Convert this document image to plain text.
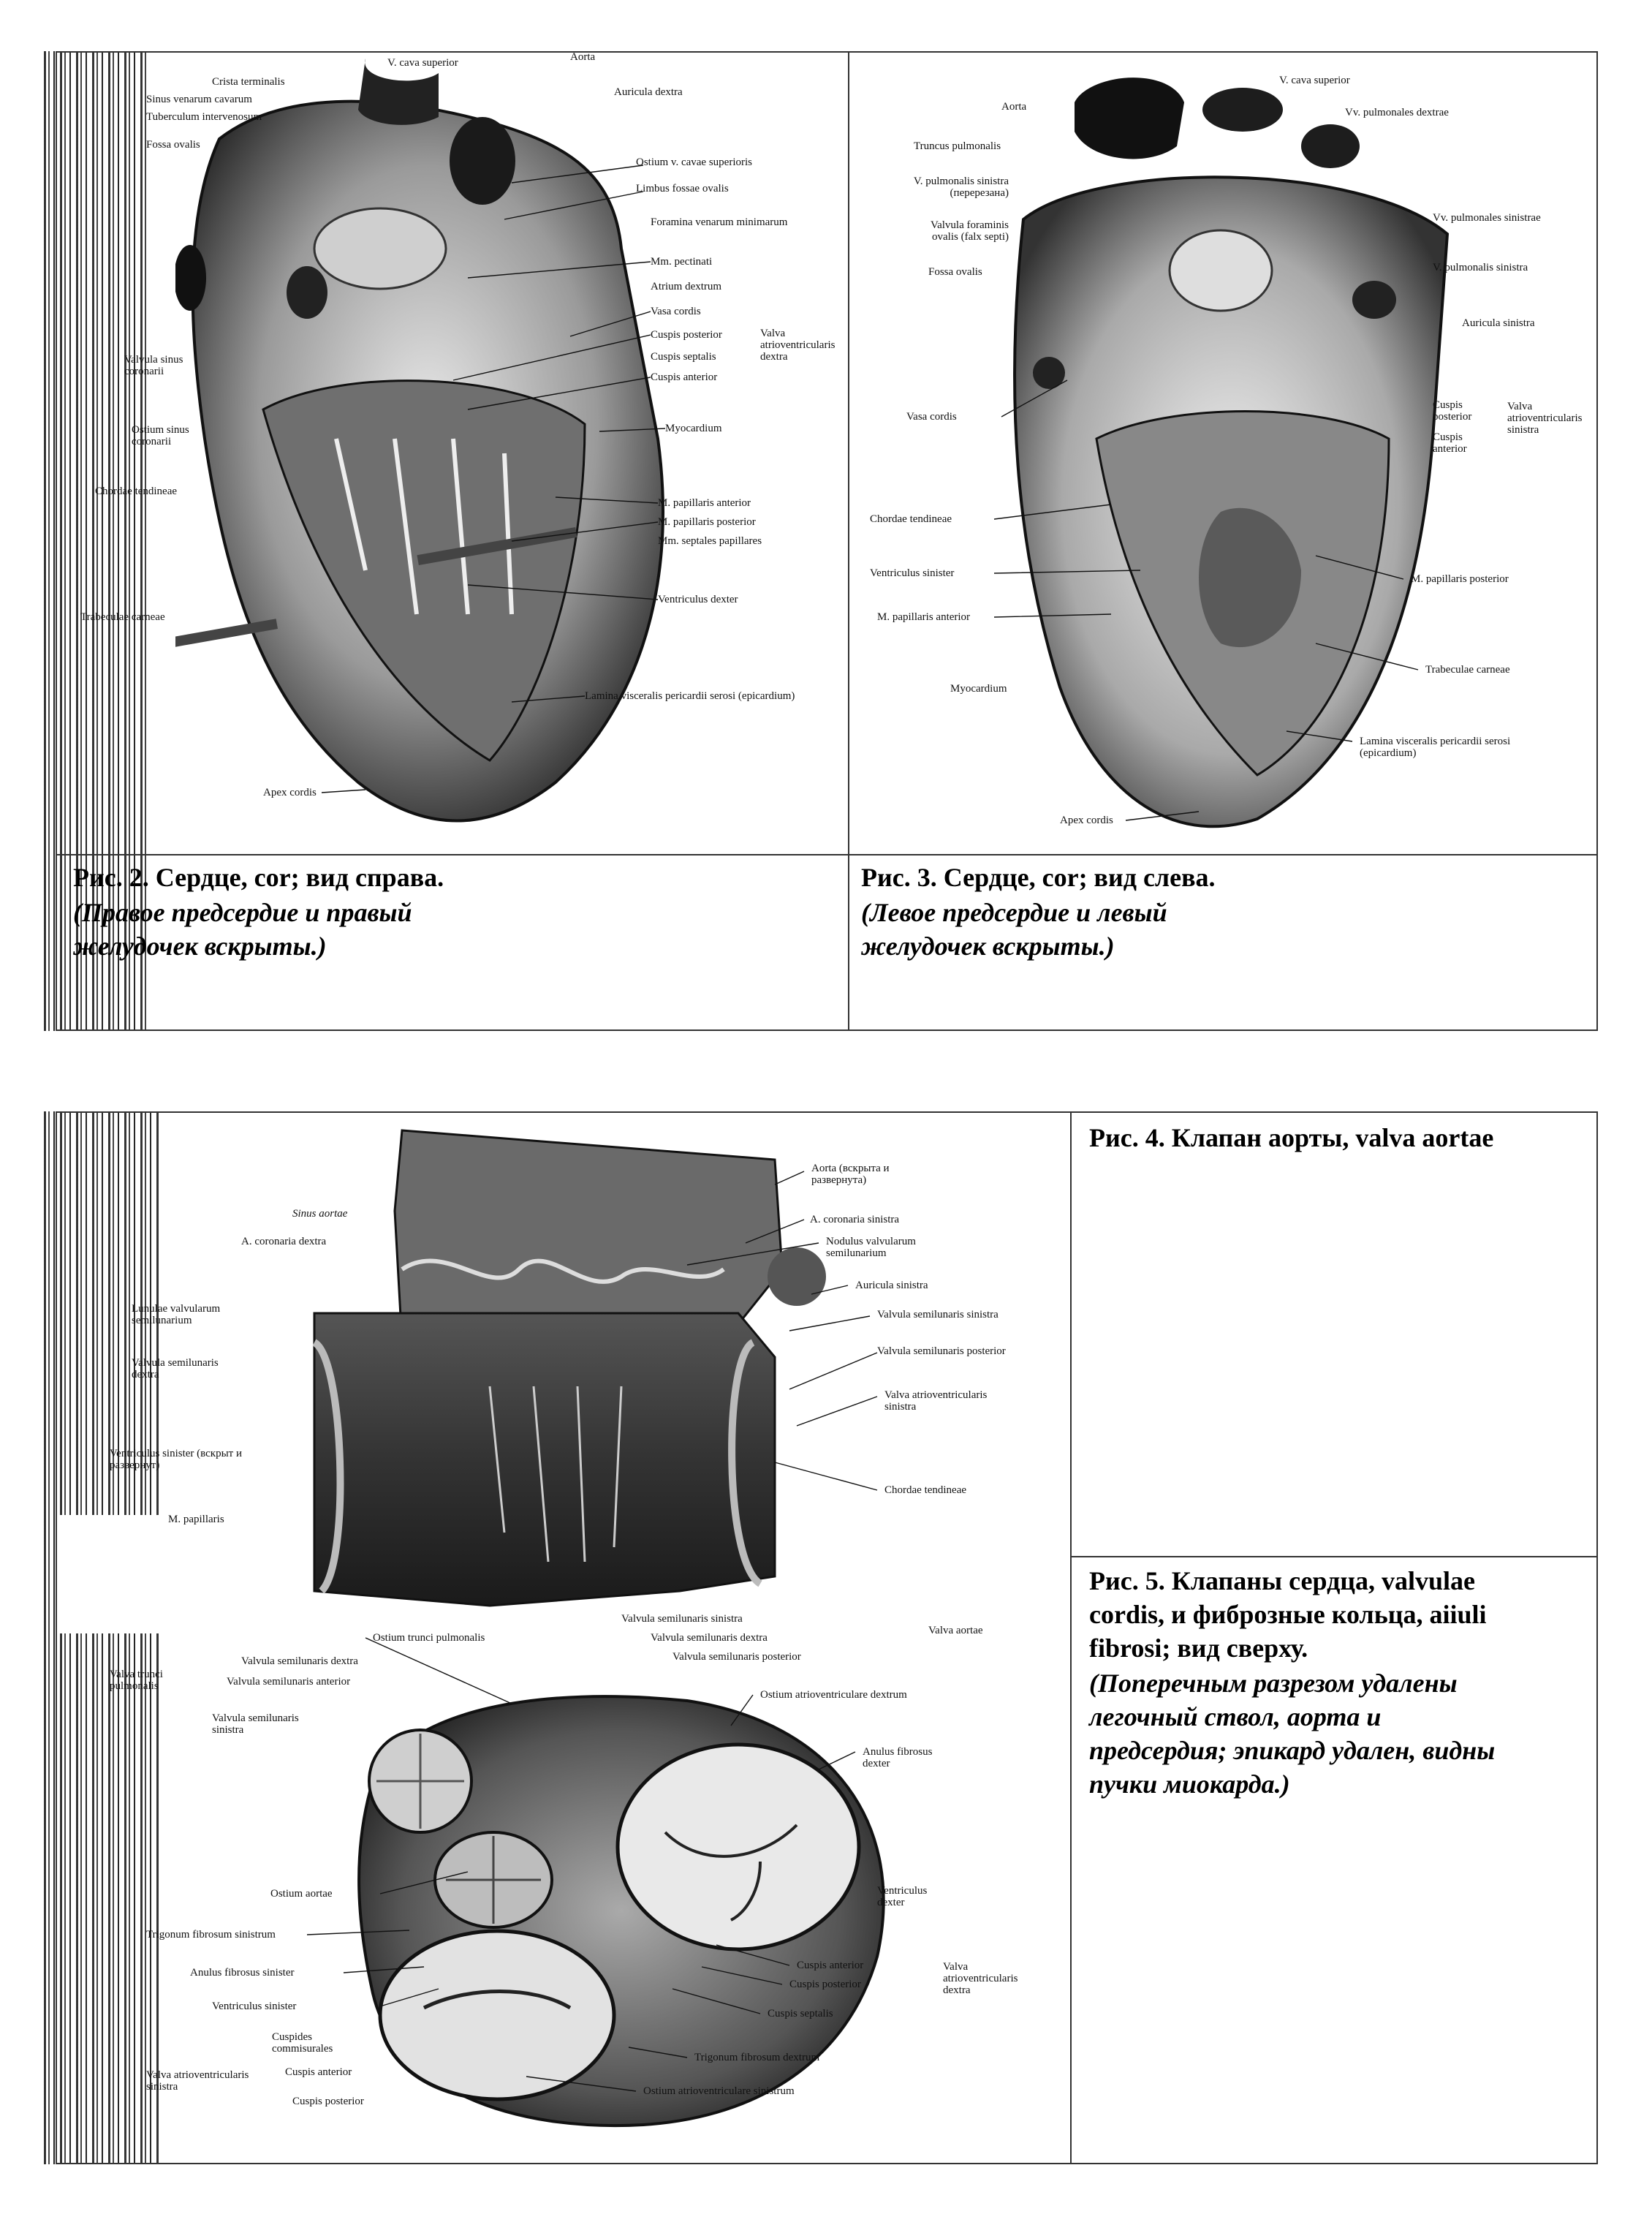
V. cava superior	Aorta
Crista terminalis
Sinus venarum cavarum
Tuberculum intervenosum
Fossa ovalis
Auricula dextra
Ostium v. cavae superioris
Limbus fossae ovalis
Foramina venarum minimarum
Mm. pectinati
Atrium dextrum
Vasa cordis
Valvula sinus coronarii
Cuspis posterior
Cuspis septalis
Cuspis anterior
Valva atrioventricularis dextra
Ostium sinus coronarii
Myocardium
Chordae tendineae
M. papillaris anterior
M. papillaris posterior
Mm. septales papillares
Ventriculus dexter
Trabeculae carneae
Lamina visceralis pericardii serosi (epicardium)
Apex cordis
V. cava superior
Aorta	Vv. pulmonales dextrae
Truncus pulmonalis
V. pulmonalis sinistra (перерезана)
Valvula foraminis ovalis (falx septi)
Fossa ovalis
Vv. pulmonales sinistrae
V. pulmonalis sinistra
Auricula sinistra
Vasa cordis
Cuspis posterior
Cuspis anterior
Valva atrioventricularis sinistra
Chordae tendineae
Ventriculus sinister	M. papillaris posterior
M. papillaris anterior
Trabeculae carneae
Myocardium
Lamina visceralis pericardii serosi (epicardium)
Apex cordis
Рис. 2. Сердце, cor; вид справа.
(Правое предсердие и правый
желудочек вскрыты.)
Рис. 3. Сердце, cor; вид слева.
(Левое предсердие и левый
желудочек вскрыты.)
Aorta (вскрыта и развернута)
Sinus aortae	A. coronaria sinistra
A. coronaria dextra	Nodulus valvularum semilunarium
Auricula sinistra
Lunulae valvularum semilunarium	Valvula semilunaris sinistra
Valvula semilunaris dextra
Valvula semilunaris posterior
Valva atrioventricularis sinistra
Ventriculus sinister (вскрыт и развернут)
Chordae tendineae
M. papillaris
Ostium trunci pulmonalis
Valvula semilunaris sinistra
Valvula semilunaris dextra
Valva aortae
Valvula semilunaris posterior
Valvula semilunaris dextra
Valvula semilunaris anterior
Valva trunci pulmonalis
Valvula semilunaris sinistra
Ostium atrioventriculare dextrum
Anulus fibrosus dexter
Ostium aortae	Ventriculus dexter
Trigonum fibrosum sinistrum
Anulus fibrosus sinister
Cuspis anterior
Cuspis posterior
Cuspis septalis
Valva atrioventricularis dextra
Ventriculus sinister
Trigonum fibrosum dextrum
Cuspides commisurales
Cuspis anterior
Valva atrioventricularis sinistra
Cuspis posterior
Ostium atrioventriculare sinistrum
Рис. 4. Клапан аорты, valva aortae
Рис. 5. Клапаны сердца, valvulae
cordis, и фиброзные кольца, aiiuli
fibrosi; вид сверху.
(Поперечным разрезом удалены
легочный ствол, аорта и
предсердия; эпикард удален, видны
пучки миокарда.)
